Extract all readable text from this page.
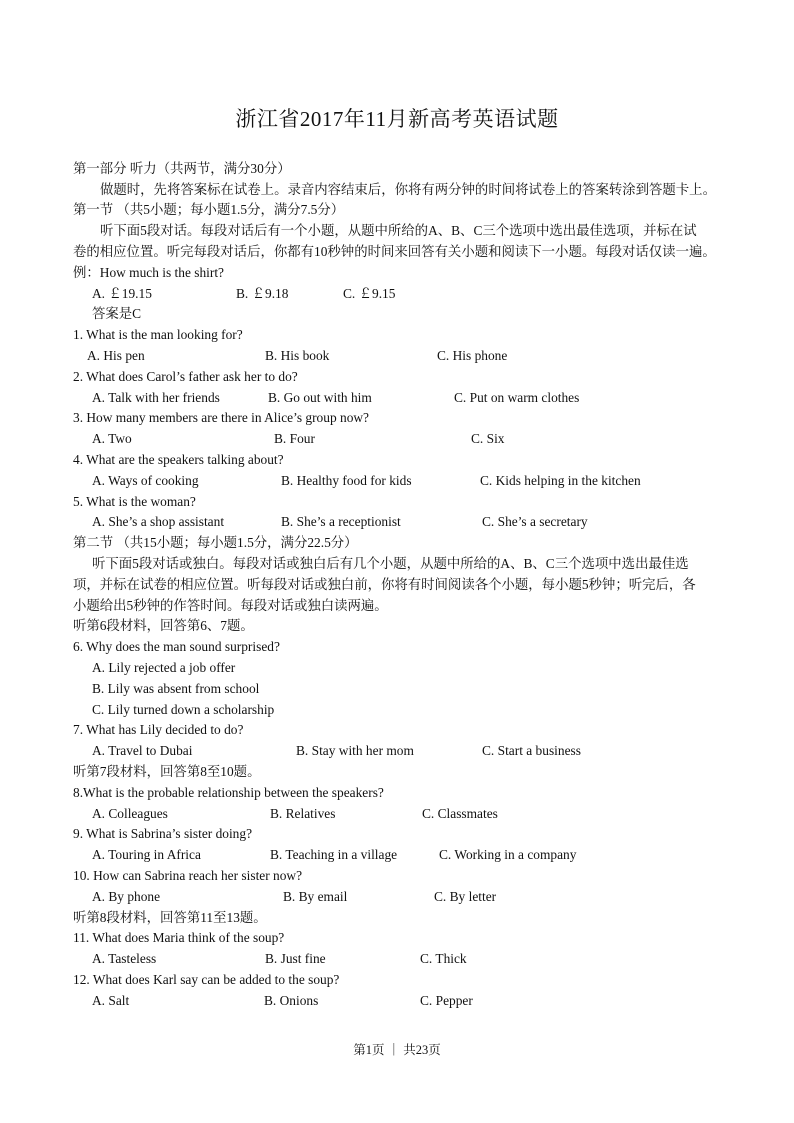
浙江省2017年11月新高考英语试题
第一部分 听力（共两节，满分30分）
做题时，先将答案标在试卷上。录音内容结束后，你将有两分钟的时间将试卷上的答案转涂到答题卡上。
第一节 （共5小题；每小题1.5分，满分7.5分）
听下面5段对话。每段对话后有一个小题，从题中所给的A、B、C三个选项中选出最佳选项，并标在试
卷的相应位置。听完每段对话后，你都有10秒钟的时间来回答有关小题和阅读下一小题。每段对话仅读一遍。
例：How much is the shirt?
A. ￡19.15	B. ￡9.18	C. ￡9.15
答案是C
1. What is the man looking for?
A. His pen	B. His book	C. His phone
2. What does Carol’s father ask her to do?
A. Talk with her friends	B. Go out with him	C. Put on warm clothes
3. How many members are there in Alice’s group now?
A. Two	B. Four	C. Six
4. What are the speakers talking about?
A. Ways of cooking	B. Healthy food for kids	C. Kids helping in the kitchen
5. What is the woman?
A. She’s a shop assistant	B. She’s a receptionist	C. She’s a secretary
第二节 （共15小题；每小题1.5分，满分22.5分）
听下面5段对话或独白。每段对话或独白后有几个小题，从题中所给的A、B、C三个选项中选出最佳选
项，并标在试卷的相应位置。听每段对话或独白前，你将有时间阅读各个小题，每小题5秒钟；听完后，各
小题给出5秒钟的作答时间。每段对话或独白读两遍。
听第6段材料，回答第6、7题。
6. Why does the man sound surprised?
A. Lily rejected a job offer
B. Lily was absent from school
C. Lily turned down a scholarship
7. What has Lily decided to do?
A. Travel to Dubai	B. Stay with her mom	C. Start a business
听第7段材料，回答第8至10题。
8.What is the probable relationship between the speakers?
A. Colleagues	B. Relatives	C. Classmates
9. What is Sabrina’s sister doing?
A. Touring in Africa	B. Teaching in a village	C. Working in a company
10. How can Sabrina reach her sister now?
A. By phone	B. By email	C. By letter
听第8段材料，回答第11至13题。
11. What does Maria think of the soup?
A. Tasteless	B. Just fine	C. Thick
12. What does Karl say can be added to the soup?
A. Salt	B. Onions	C. Pepper
第1页 ｜ 共23页
